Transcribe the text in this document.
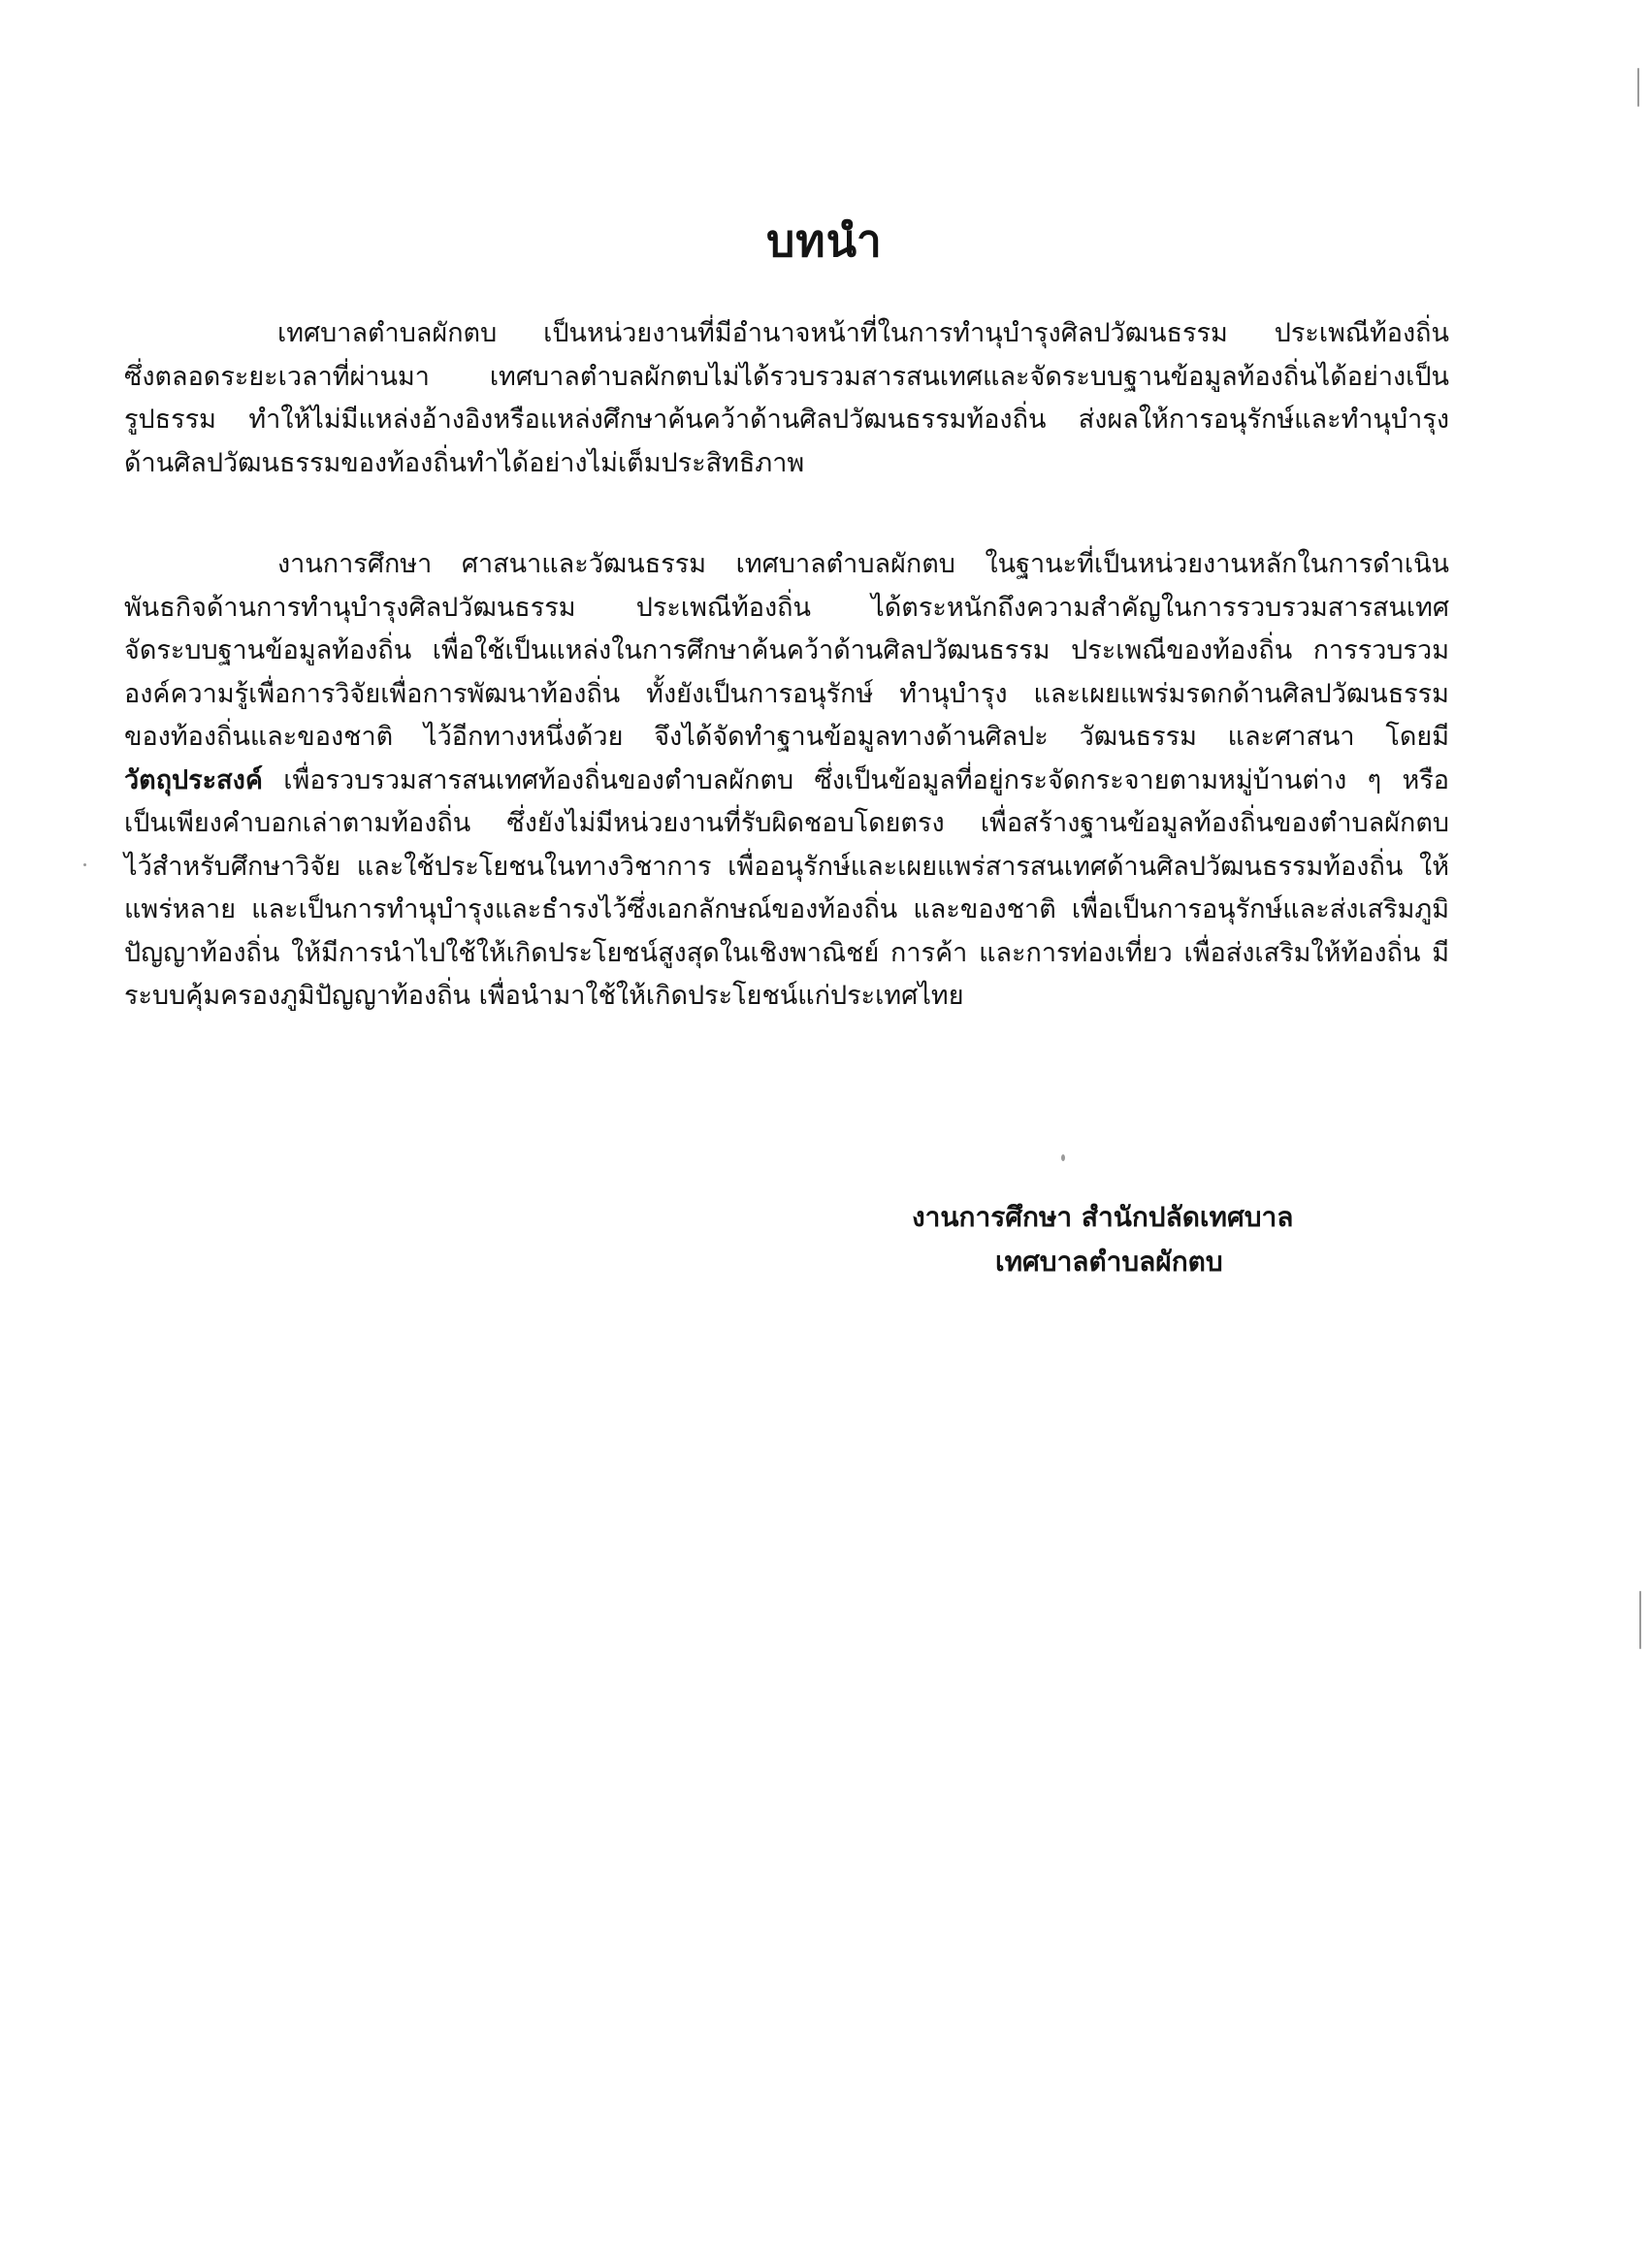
บทนำ

เทศบาลตำบลผักตบ เป็นหน่วยงานที่มีอำนาจหน้าที่ในการทำนุบำรุงศิลปวัฒนธรรม ประเพณีท้องถิ่น
ซึ่งตลอดระยะเวลาที่ผ่านมา เทศบาลตำบลผักตบไม่ได้รวบรวมสารสนเทศและจัดระบบฐานข้อมูลท้องถิ่นได้อย่างเป็น
รูปธรรม ทำให้ไม่มีแหล่งอ้างอิงหรือแหล่งศึกษาค้นคว้าด้านศิลปวัฒนธรรมท้องถิ่น ส่งผลให้การอนุรักษ์และทำนุบำรุง
ด้านศิลปวัฒนธรรมของท้องถิ่นทำได้อย่างไม่เต็มประสิทธิภาพ

งานการศึกษา ศาสนาและวัฒนธรรม เทศบาลตำบลผักตบ ในฐานะที่เป็นหน่วยงานหลักในการดำเนิน
พันธกิจด้านการทำนุบำรุงศิลปวัฒนธรรม ประเพณีท้องถิ่น ได้ตระหนักถึงความสำคัญในการรวบรวมสารสนเทศ
จัดระบบฐานข้อมูลท้องถิ่น เพื่อใช้เป็นแหล่งในการศึกษาค้นคว้าด้านศิลปวัฒนธรรม ประเพณีของท้องถิ่น การรวบรวม
องค์ความรู้เพื่อการวิจัยเพื่อการพัฒนาท้องถิ่น ทั้งยังเป็นการอนุรักษ์ ทำนุบำรุง และเผยแพร่มรดกด้านศิลปวัฒนธรรม
ของท้องถิ่นและของชาติ ไว้อีกทางหนึ่งด้วย จึงได้จัดทำฐานข้อมูลทางด้านศิลปะ วัฒนธรรม และศาสนา โดยมี
วัตถุประสงค์ เพื่อรวบรวมสารสนเทศท้องถิ่นของตำบลผักตบ ซึ่งเป็นข้อมูลที่อยู่กระจัดกระจายตามหมู่บ้านต่าง ๆ หรือ
เป็นเพียงคำบอกเล่าตามท้องถิ่น ซึ่งยังไม่มีหน่วยงานที่รับผิดชอบโดยตรง เพื่อสร้างฐานข้อมูลท้องถิ่นของตำบลผักตบ
ไว้สำหรับศึกษาวิจัย และใช้ประโยชนในทางวิชาการ เพื่ออนุรักษ์และเผยแพร่สารสนเทศด้านศิลปวัฒนธรรมท้องถิ่น ให้
แพร่หลาย และเป็นการทำนุบำรุงและธำรงไว้ซึ่งเอกลักษณ์ของท้องถิ่น และของชาติ เพื่อเป็นการอนุรักษ์และส่งเสริมภูมิ
ปัญญาท้องถิ่น ให้มีการนำไปใช้ให้เกิดประโยชน์สูงสุดในเชิงพาณิชย์ การค้า และการท่องเที่ยว เพื่อส่งเสริมให้ท้องถิ่น มี
ระบบคุ้มครองภูมิปัญญาท้องถิ่น เพื่อนำมาใช้ให้เกิดประโยชน์แก่ประเทศไทย

งานการศึกษา สำนักปลัดเทศบาล
เทศบาลตำบลผักตบ
